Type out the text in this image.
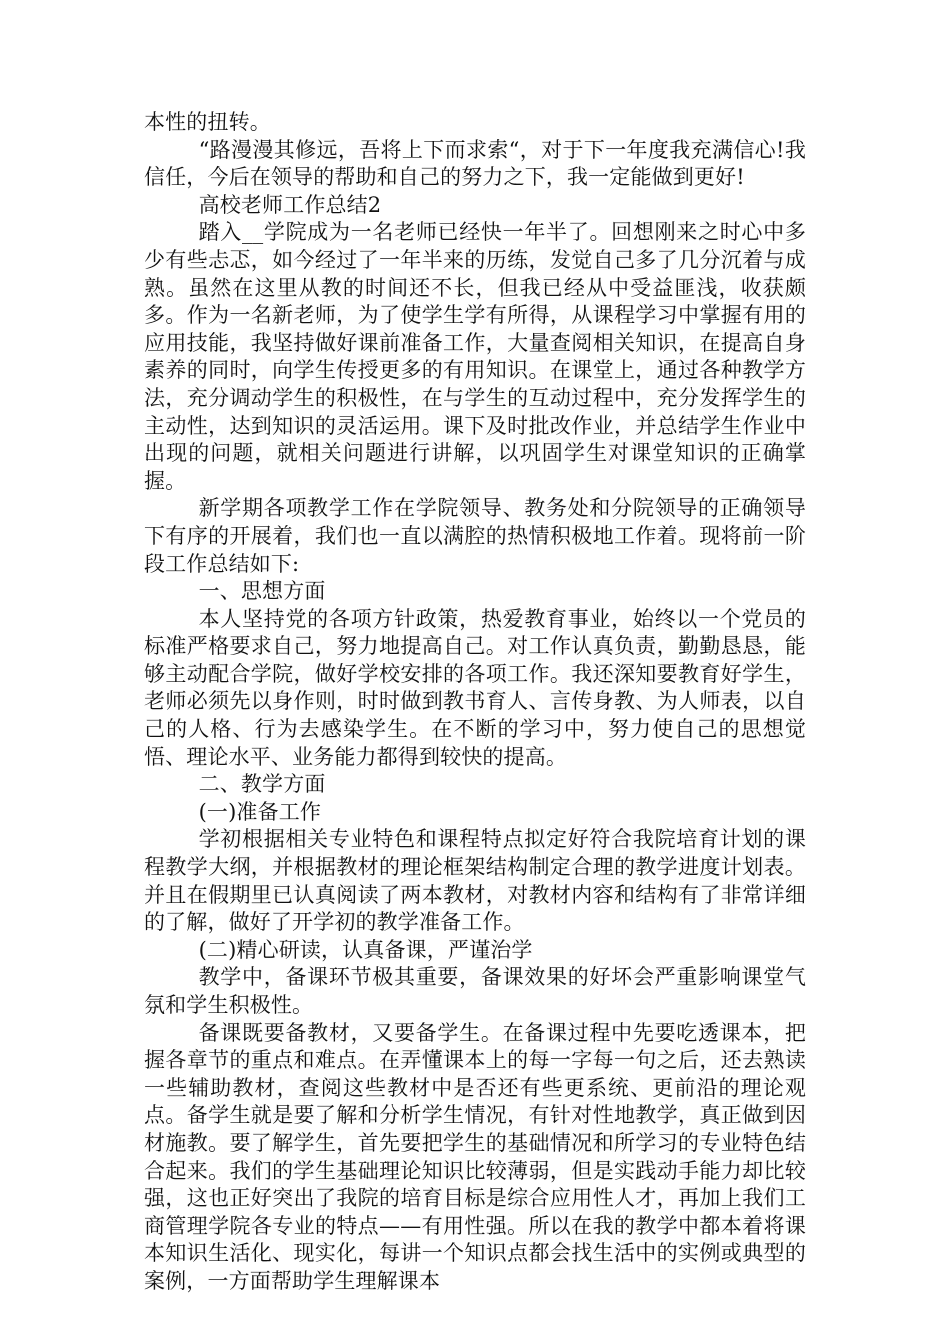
本性的扭转。

“路漫漫其修远，吾将上下而求索“，对于下一年度我充满信心!我信任，今后在领导的帮助和自己的努力之下，我一定能做到更好!

高校老师工作总结2

踏入__学院成为一名老师已经快一年半了。回想刚来之时心中多少有些忐忑，如今经过了一年半来的历练，发觉自己多了几分沉着与成熟。虽然在这里从教的时间还不长，但我已经从中受益匪浅，收获颇多。作为一名新老师，为了使学生学有所得，从课程学习中掌握有用的应用技能，我坚持做好课前准备工作，大量查阅相关知识，在提高自身素养的同时，向学生传授更多的有用知识。在课堂上，通过各种教学方法，充分调动学生的积极性，在与学生的互动过程中，充分发挥学生的主动性，达到知识的灵活运用。课下及时批改作业，并总结学生作业中出现的问题，就相关问题进行讲解，以巩固学生对课堂知识的正确掌握。

新学期各项教学工作在学院领导、教务处和分院领导的正确领导下有序的开展着，我们也一直以满腔的热情积极地工作着。现将前一阶段工作总结如下:

一、思想方面

本人坚持党的各项方针政策，热爱教育事业，始终以一个党员的标准严格要求自己，努力地提高自己。对工作认真负责，勤勤恳恳，能够主动配合学院，做好学校安排的各项工作。我还深知要教育好学生，老师必须先以身作则，时时做到教书育人、言传身教、为人师表，以自己的人格、行为去感染学生。在不断的学习中，努力使自己的思想觉悟、理论水平、业务能力都得到较快的提高。

二、教学方面

(一)准备工作

学初根据相关专业特色和课程特点拟定好符合我院培育计划的课程教学大纲，并根据教材的理论框架结构制定合理的教学进度计划表。并且在假期里已认真阅读了两本教材，对教材内容和结构有了非常详细的了解，做好了开学初的教学准备工作。

(二)精心研读，认真备课，严谨治学

教学中，备课环节极其重要，备课效果的好坏会严重影响课堂气氛和学生积极性。

备课既要备教材，又要备学生。在备课过程中先要吃透课本，把握各章节的重点和难点。在弄懂课本上的每一字每一句之后，还去熟读一些辅助教材，查阅这些教材中是否还有些更系统、更前沿的理论观点。备学生就是要了解和分析学生情况，有针对性地教学，真正做到因材施教。要了解学生，首先要把学生的基础情况和所学习的专业特色结合起来。我们的学生基础理论知识比较薄弱，但是实践动手能力却比较强，这也正好突出了我院的培育目标是综合应用性人才，再加上我们工商管理学院各专业的特点——有用性强。所以在我的教学中都本着将课本知识生活化、现实化，每讲一个知识点都会找生活中的实例或典型的案例，一方面帮助学生理解课本
